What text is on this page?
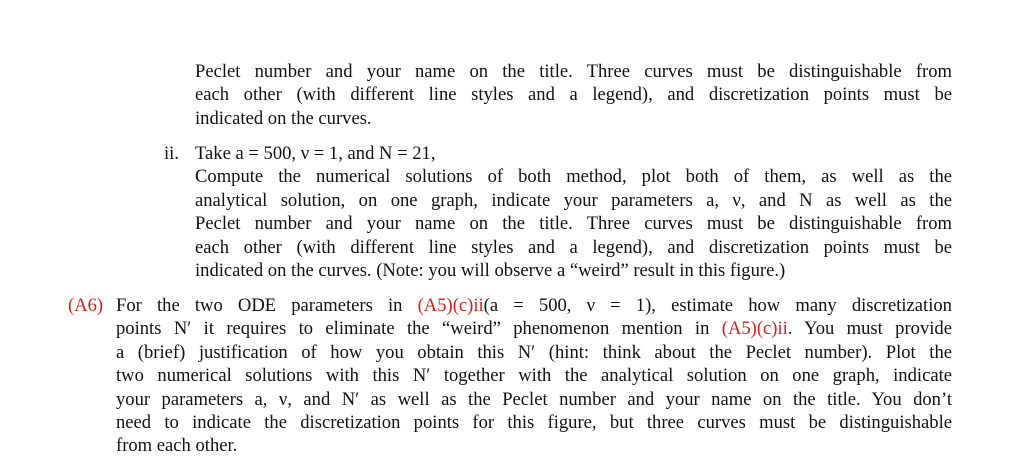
Peclet number and your name on the title. Three curves must be distinguishable from
each other (with different line styles and a legend), and discretization points must be
indicated on the curves.
ii. Take a = 500, ν = 1, and N = 21,
Compute the numerical solutions of both method, plot both of them, as well as the
analytical solution, on one graph, indicate your parameters a, ν, and N as well as the
Peclet number and your name on the title. Three curves must be distinguishable from
each other (with different line styles and a legend), and discretization points must be
indicated on the curves. (Note: you will observe a “weird” result in this figure.)
(A6) For the two ODE parameters in (A5)(c)ii(a = 500, ν = 1), estimate how many discretization
points N′ it requires to eliminate the “weird” phenomenon mention in (A5)(c)ii. You must provide
a (brief) justification of how you obtain this N′ (hint: think about the Peclet number). Plot the
two numerical solutions with this N′ together with the analytical solution on one graph, indicate
your parameters a, ν, and N′ as well as the Peclet number and your name on the title. You don’t
need to indicate the discretization points for this figure, but three curves must be distinguishable
from each other.
